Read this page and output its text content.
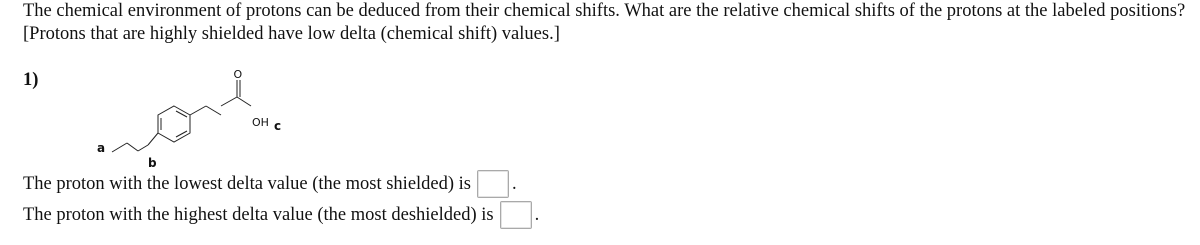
The chemical environment of protons can be deduced from their chemical shifts. What are the relative chemical shifts of the protons at the labeled positions? [Protons that are highly shielded have low delta (chemical shift) values.]

1)	O
OH c
a
b
The proton with the lowest delta value (the most shielded) is .
The proton with the highest delta value (the most deshielded) is .
